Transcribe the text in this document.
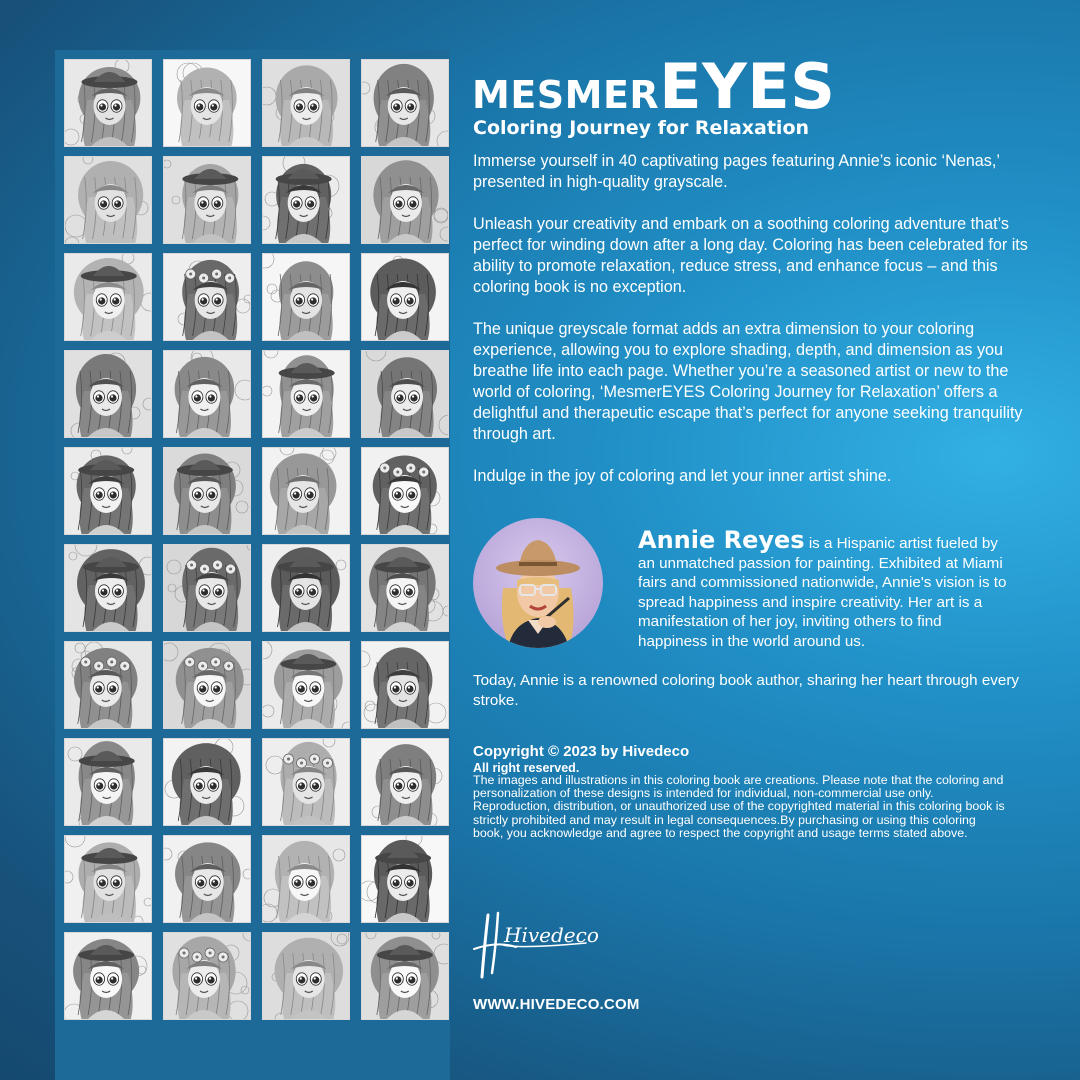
MESMEREYES
Coloring Journey for Relaxation

Immerse yourself in 40 captivating pages featuring Annie’s iconic ‘Nenas,’ presented in high-quality grayscale.

Unleash your creativity and embark on a soothing coloring adventure that’s perfect for winding down after a long day. Coloring has been celebrated for its ability to promote relaxation, reduce stress, and enhance focus – and this coloring book is no exception.

The unique greyscale format adds an extra dimension to your coloring experience, allowing you to explore shading, depth, and dimension as you breathe life into each page. Whether you’re a seasoned artist or new to the world of coloring, ‘MesmerEYES Coloring Journey for Relaxation’ offers a delightful and therapeutic escape that’s perfect for anyone seeking tranquility through art.

Indulge in the joy of coloring and let your inner artist shine.

Annie Reyes is a Hispanic artist fueled by an unmatched passion for painting. Exhibited at Miami fairs and commissioned nationwide, Annie's vision is to spread happiness and inspire creativity. Her art is a manifestation of her joy, inviting others to find happiness in the world around us.
Today, Annie is a renowned coloring book author, sharing her heart through every stroke.
Copyright © 2023 by Hivedeco
All right reserved.
The images and illustrations in this coloring book are creations. Please note that the coloring and personalization of these designs is intended for individual, non-commercial use only. Reproduction, distribution, or unauthorized use of the copyrighted material in this coloring book is strictly prohibited and may result in legal consequences.By purchasing or using this coloring book, you acknowledge and agree to respect the copyright and usage terms stated above.
Hivedeco
WWW.HIVEDECO.COM
